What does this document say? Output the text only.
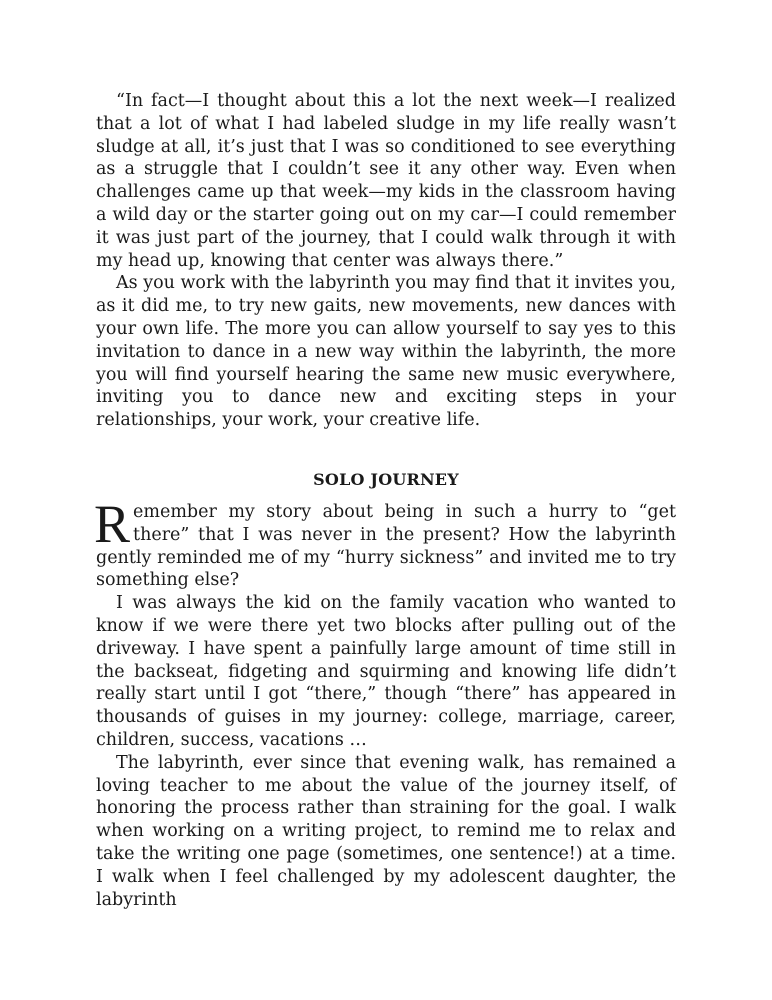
“In fact—I thought about this a lot the next week—I realized that a lot of what I had labeled sludge in my life really wasn’t sludge at all, it’s just that I was so conditioned to see everything as a struggle that I couldn’t see it any other way. Even when challenges came up that week—my kids in the classroom having a wild day or the starter going out on my car—I could remember it was just part of the journey, that I could walk through it with my head up, knowing that center was always there.”

As you work with the labyrinth you may find that it invites you, as it did me, to try new gaits, new movements, new dances with your own life. The more you can allow yourself to say yes to this invitation to dance in a new way within the labyrinth, the more you will find yourself hearing the same new music everywhere, inviting you to dance new and exciting steps in your relationships, your work, your creative life.

SOLO JOURNEY

Remember my story about being in such a hurry to “get there” that I was never in the present? How the labyrinth gently reminded me of my “hurry sickness” and invited me to try something else?

I was always the kid on the family vacation who wanted to know if we were there yet two blocks after pulling out of the driveway. I have spent a painfully large amount of time still in the backseat, fidgeting and squirming and knowing life didn’t really start until I got “there,” though “there” has appeared in thousands of guises in my journey: college, marriage, career, children, success, vacations …

The labyrinth, ever since that evening walk, has remained a loving teacher to me about the value of the journey itself, of honoring the process rather than straining for the goal. I walk when working on a writing project, to remind me to relax and take the writing one page (sometimes, one sentence!) at a time. I walk when I feel challenged by my adolescent daughter, the labyrinth
